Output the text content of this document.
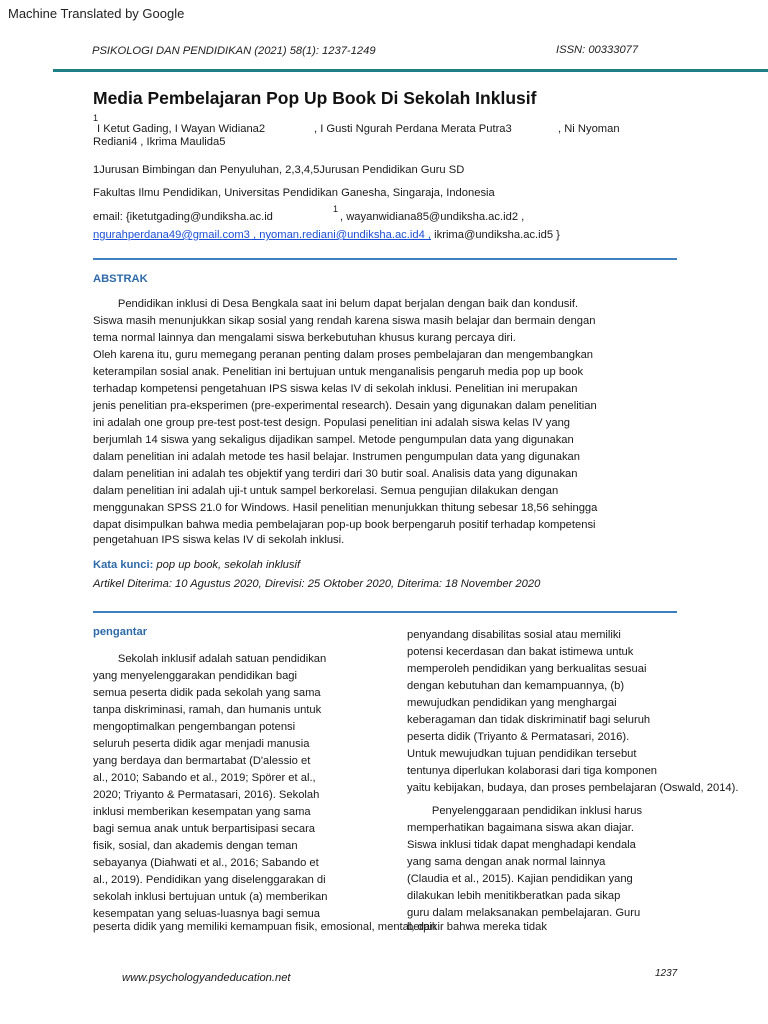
Machine Translated by Google
PSIKOLOGI DAN PENDIDIKAN (2021) 58(1): 1237-1249	ISSN: 00333077
Media Pembelajaran Pop Up Book Di Sekolah Inklusif
1
I Ketut Gading, I Wayan Widiana2	, I Gusti Ngurah Perdana Merata Putra3	, Ni Nyoman
Rediani4 , Ikrima Maulida5
1Jurusan Bimbingan dan Penyuluhan, 2,3,4,5Jurusan Pendidikan Guru SD
Fakultas Ilmu Pendidikan, Universitas Pendidikan Ganesha, Singaraja, Indonesia
email: {iketutgading@undiksha.ac.id
1
, wayanwidiana85@undiksha.ac.id2 ,
ngurahperdana49@gmail.com3 , nyoman.rediani@undiksha.ac.id4 , ikrima@undiksha.ac.id5 }
ABSTRAK
Pendidikan inklusi di Desa Bengkala saat ini belum dapat berjalan dengan baik dan kondusif.
Siswa masih menunjukkan sikap sosial yang rendah karena siswa masih belajar dan bermain dengan
tema normal lainnya dan mengalami siswa berkebutuhan khusus kurang percaya diri.
Oleh karena itu, guru memegang peranan penting dalam proses pembelajaran dan mengembangkan
keterampilan sosial anak. Penelitian ini bertujuan untuk menganalisis pengaruh media pop up book
terhadap kompetensi pengetahuan IPS siswa kelas IV di sekolah inklusi. Penelitian ini merupakan
jenis penelitian pra-eksperimen (pre-experimental research). Desain yang digunakan dalam penelitian
ini adalah one group pre-test post-test design. Populasi penelitian ini adalah siswa kelas IV yang
berjumlah 14 siswa yang sekaligus dijadikan sampel. Metode pengumpulan data yang digunakan
dalam penelitian ini adalah metode tes hasil belajar. Instrumen pengumpulan data yang digunakan
dalam penelitian ini adalah tes objektif yang terdiri dari 30 butir soal. Analisis data yang digunakan
dalam penelitian ini adalah uji-t untuk sampel berkorelasi. Semua pengujian dilakukan dengan
menggunakan SPSS 21.0 for Windows. Hasil penelitian menunjukkan thitung sebesar 18,56 sehingga
dapat disimpulkan bahwa media pembelajaran pop-up book berpengaruh positif terhadap kompetensi
pengetahuan IPS siswa kelas IV di sekolah inklusi.
Kata kunci: pop up book, sekolah inklusif
Artikel Diterima: 10 Agustus 2020, Direvisi: 25 Oktober 2020, Diterima: 18 November 2020
pengantar
Sekolah inklusif adalah satuan pendidikan
yang menyelenggarakan pendidikan bagi
semua peserta didik pada sekolah yang sama
tanpa diskriminasi, ramah, dan humanis untuk
mengoptimalkan pengembangan potensi
seluruh peserta didik agar menjadi manusia
yang berdaya dan bermartabat (D'alessio et
al., 2010; Sabando et al., 2019; Spörer et al.,
2020; Triyanto & Permatasari, 2016). Sekolah
inklusi memberikan kesempatan yang sama
bagi semua anak untuk berpartisipasi secara
fisik, sosial, dan akademis dengan teman
sebayanya (Diahwati et al., 2016; Sabando et
al., 2019). Pendidikan yang diselenggarakan di
sekolah inklusi bertujuan untuk (a) memberikan
kesempatan yang seluas-luasnya bagi semua
peserta didik yang memiliki kemampuan fisik, emosional, mental, dan
penyandang disabilitas sosial atau memiliki
potensi kecerdasan dan bakat istimewa untuk
memperoleh pendidikan yang berkualitas sesuai
dengan kebutuhan dan kemampuannya, (b)
mewujudkan pendidikan yang menghargai
keberagaman dan tidak diskriminatif bagi seluruh
peserta didik (Triyanto & Permatasari, 2016).
Untuk mewujudkan tujuan pendidikan tersebut
tentunya diperlukan kolaborasi dari tiga komponen
yaitu kebijakan, budaya, dan proses pembelajaran (Oswald, 2014).
Penyelenggaraan pendidikan inklusi harus
memperhatikan bagaimana siswa akan diajar.
Siswa inklusi tidak dapat menghadapi kendala
yang sama dengan anak normal lainnya
(Claudia et al., 2015). Kajian pendidikan yang
dilakukan lebih menitikberatkan pada sikap
guru dalam melaksanakan pembelajaran. Guru
berpikir bahwa mereka tidak
www.psychologyandeducation.net	1237
